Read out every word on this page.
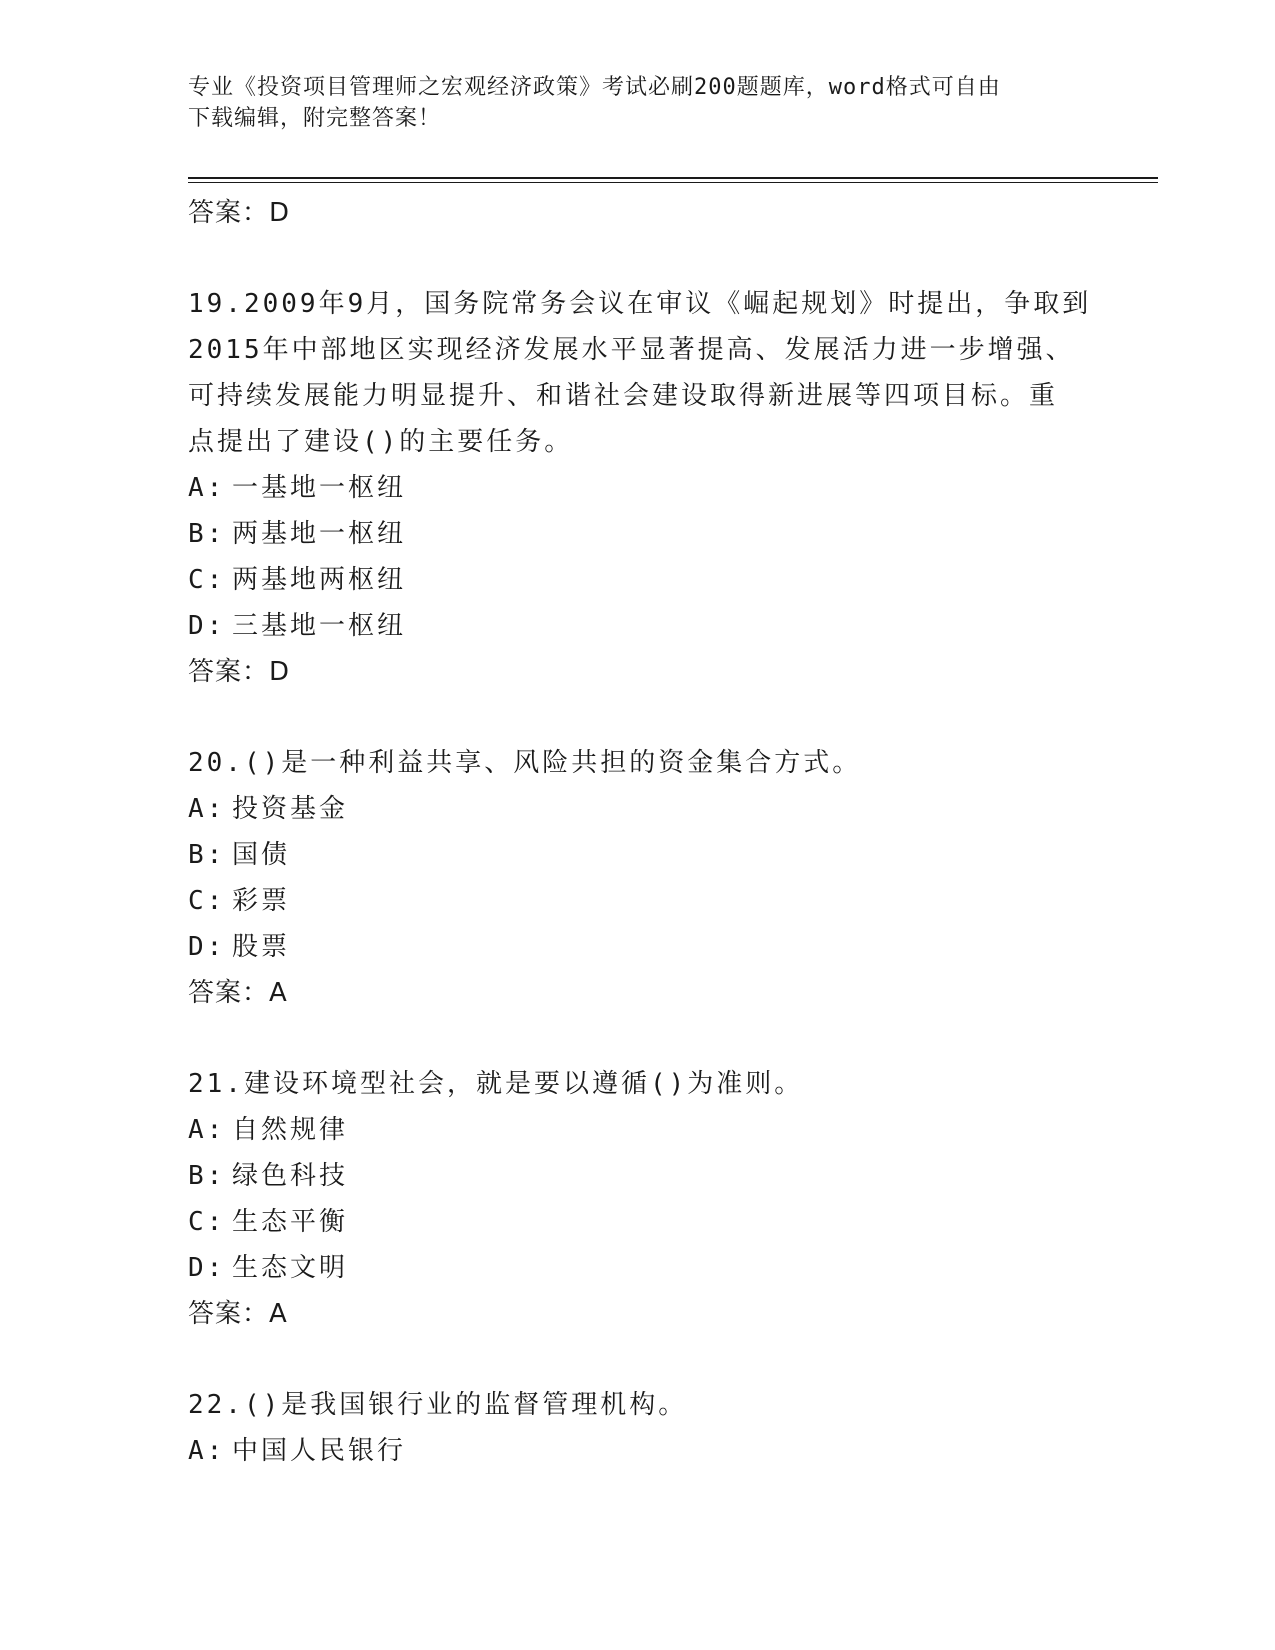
专业《投资项目管理师之宏观经济政策》考试必刷200题题库，word格式可自由
下载编辑，附完整答案！
答案：D
19.2009年9月，国务院常务会议在审议《崛起规划》时提出，争取到
2015年中部地区实现经济发展水平显著提高、发展活力进一步增强、
可持续发展能力明显提升、和谐社会建设取得新进展等四项目标。重
点提出了建设()的主要任务。
A: 一基地一枢纽
B: 两基地一枢纽
C: 两基地两枢纽
D: 三基地一枢纽
答案：D
20.()是一种利益共享、风险共担的资金集合方式。
A: 投资基金
B: 国债
C: 彩票
D: 股票
答案：A
21.建设环境型社会，就是要以遵循()为准则。
A: 自然规律
B: 绿色科技
C: 生态平衡
D: 生态文明
答案：A
22.()是我国银行业的监督管理机构。
A: 中国人民银行
